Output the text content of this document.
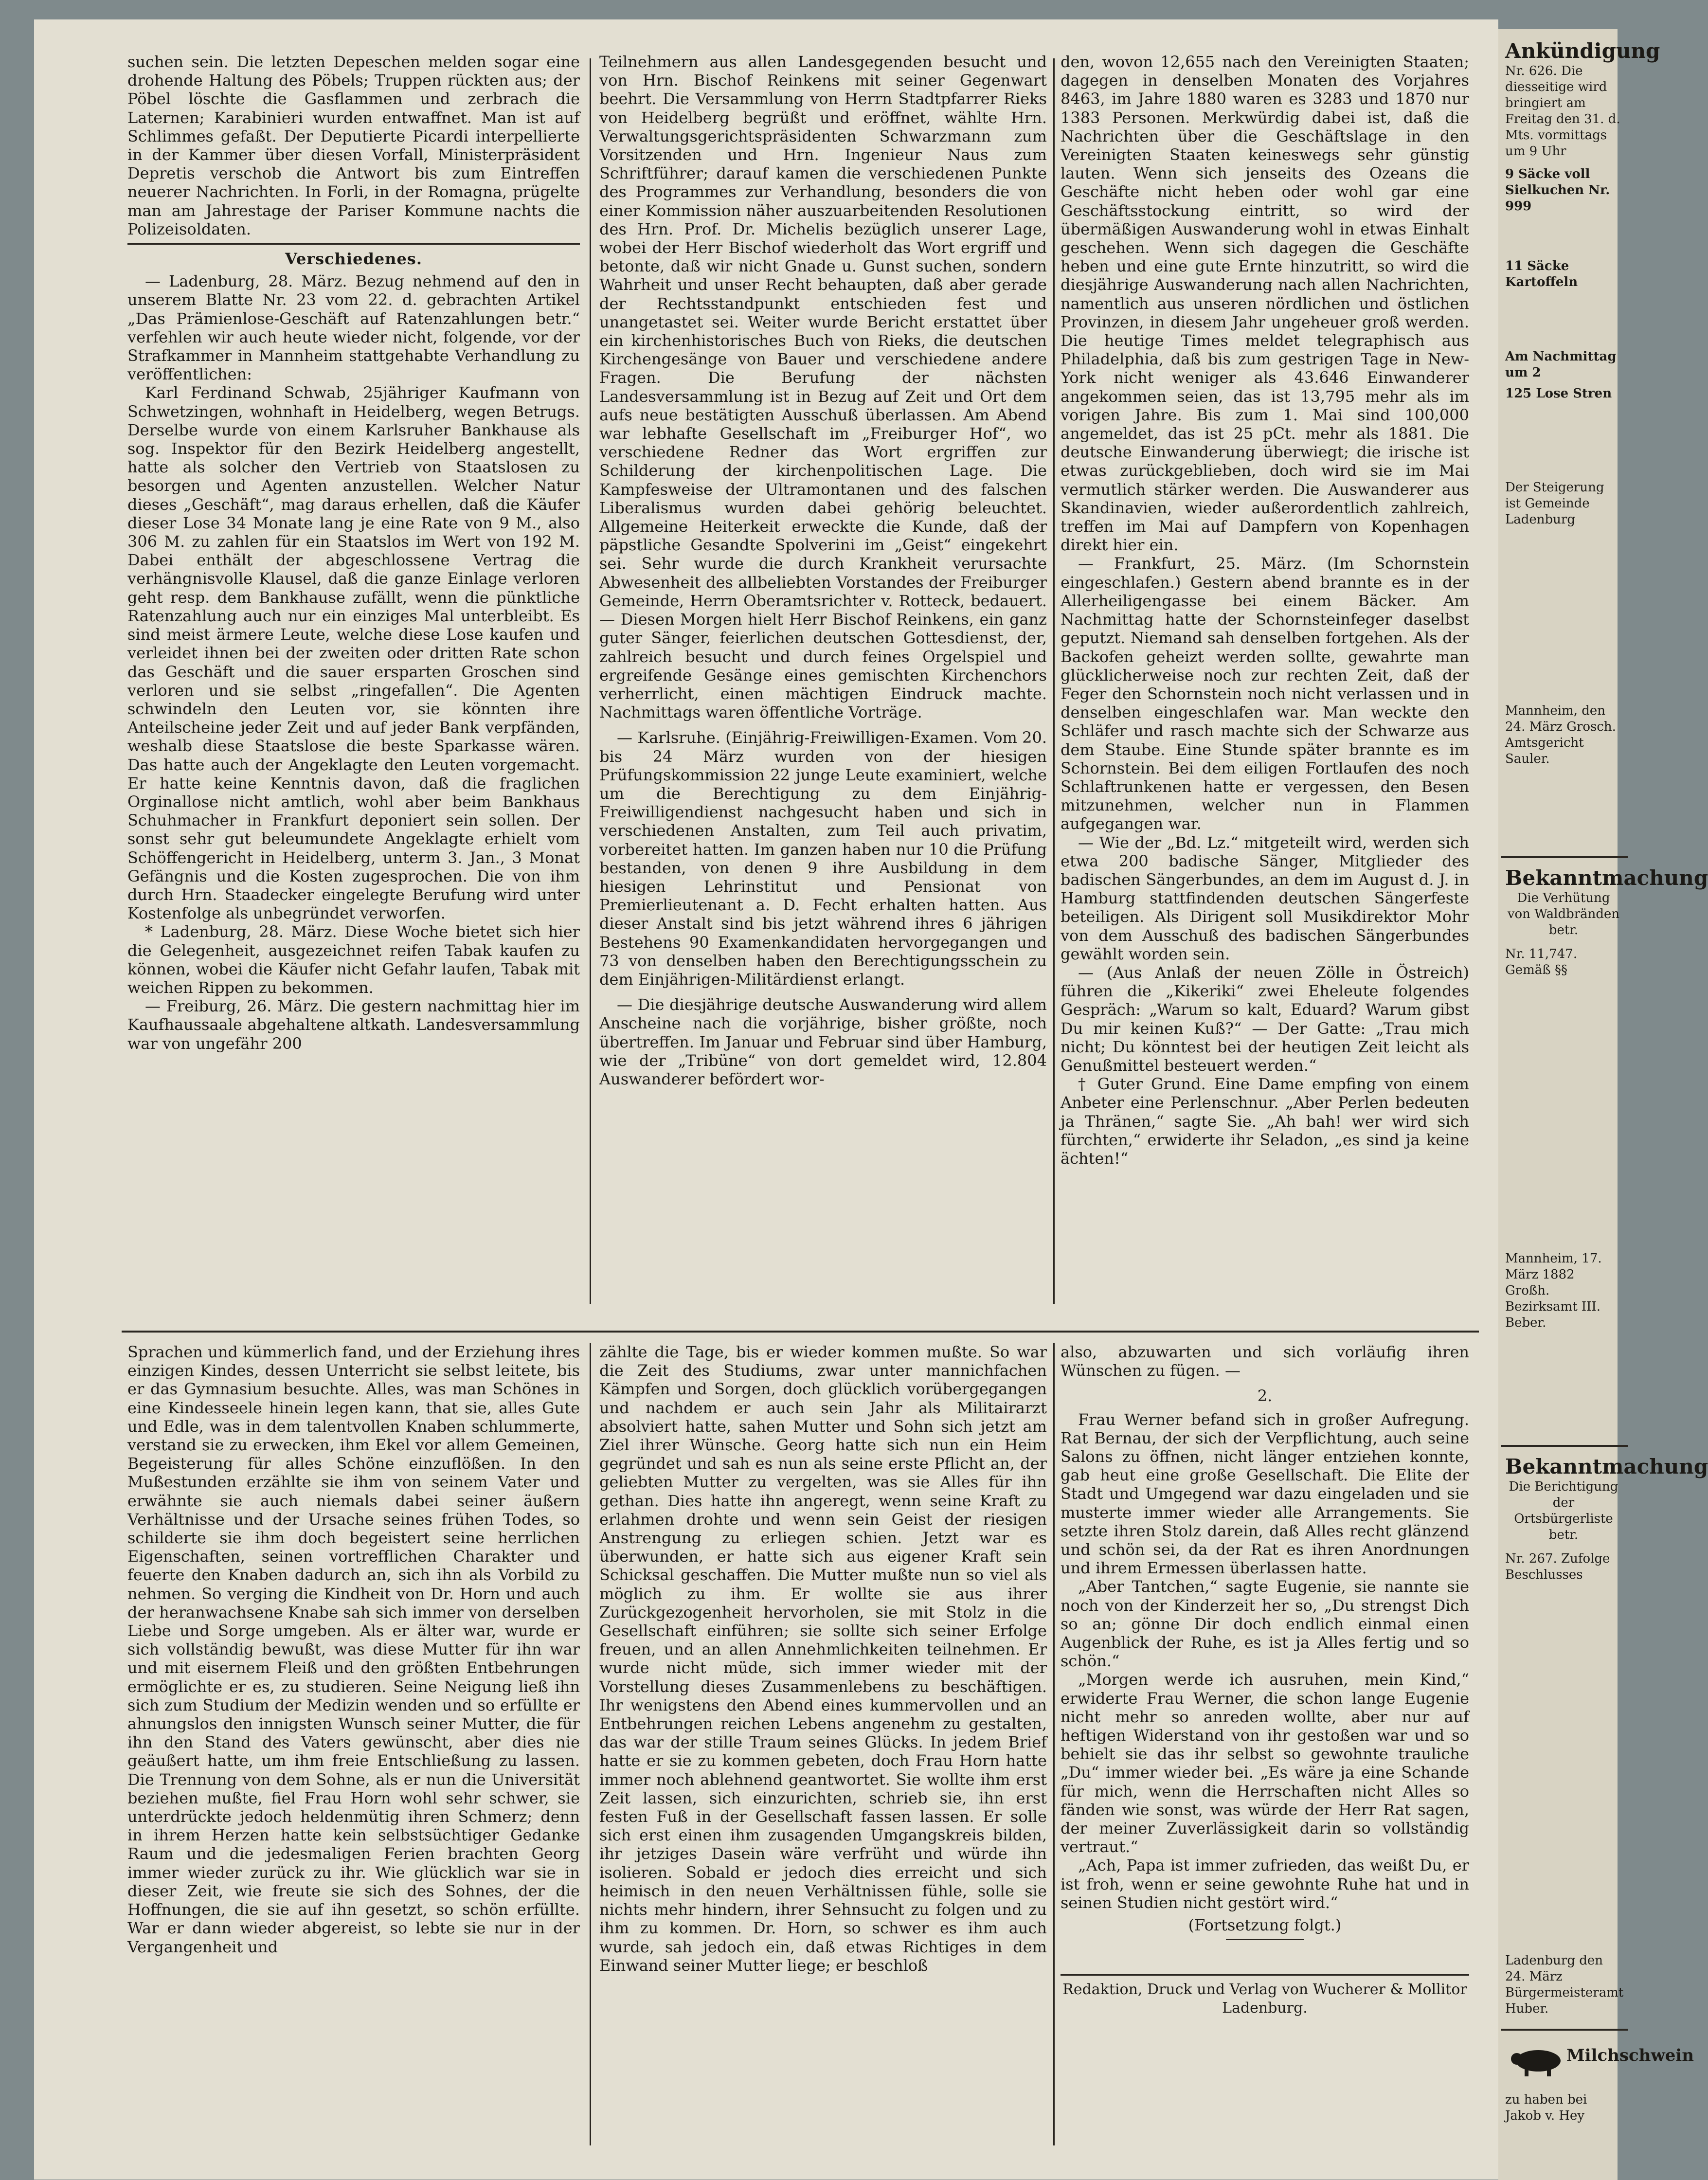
suchen sein. Die letzten Depeschen melden sogar eine drohende Haltung des Pöbels; Truppen rückten aus; der Pöbel löschte die Gasflammen und zerbrach die Laternen; Karabinieri wurden entwaffnet. Man ist auf Schlimmes gefaßt. Der Deputierte Picardi interpellierte in der Kammer über diesen Vorfall, Ministerpräsident Depretis verschob die Antwort bis zum Eintreffen neuerer Nachrichten. In Forli, in der Romagna, prügelte man am Jahrestage der Pariser Kommune nachts die Polizeisoldaten.

Verschiedenes.

— Ladenburg, 28. März. Bezug nehmend auf den in unserem Blatte Nr. 23 vom 22. d. gebrachten Artikel „Das Prämienlose-Geschäft auf Ratenzahlungen betr.“ verfehlen wir auch heute wieder nicht, folgende, vor der Strafkammer in Mannheim stattgehabte Verhandlung zu veröffentlichen:

Karl Ferdinand Schwab, 25jähriger Kaufmann von Schwetzingen, wohnhaft in Heidelberg, wegen Betrugs. Derselbe wurde von einem Karlsruher Bankhause als sog. Inspektor für den Bezirk Heidelberg angestellt, hatte als solcher den Vertrieb von Staatslosen zu besorgen und Agenten anzustellen. Welcher Natur dieses „Geschäft“, mag daraus erhellen, daß die Käufer dieser Lose 34 Monate lang je eine Rate von 9 M., also 306 M. zu zahlen für ein Staatslos im Wert von 192 M. Dabei enthält der abgeschlossene Vertrag die verhängnisvolle Klausel, daß die ganze Einlage verloren geht resp. dem Bankhause zufällt, wenn die pünktliche Ratenzahlung auch nur ein einziges Mal unterbleibt. Es sind meist ärmere Leute, welche diese Lose kaufen und verleidet ihnen bei der zweiten oder dritten Rate schon das Geschäft und die sauer ersparten Groschen sind verloren und sie selbst „ringefallen“. Die Agenten schwindeln den Leuten vor, sie könnten ihre Anteilscheine jeder Zeit und auf jeder Bank verpfänden, weshalb diese Staatslose die beste Sparkasse wären. Das hatte auch der Angeklagte den Leuten vorgemacht. Er hatte keine Kenntnis davon, daß die fraglichen Orginallose nicht amtlich, wohl aber beim Bankhaus Schuhmacher in Frankfurt deponiert sein sollen. Der sonst sehr gut beleumundete Angeklagte erhielt vom Schöffengericht in Heidelberg, unterm 3. Jan., 3 Monat Gefängnis und die Kosten zugesprochen. Die von ihm durch Hrn. Staadecker eingelegte Berufung wird unter Kostenfolge als unbegründet verworfen.

* Ladenburg, 28. März. Diese Woche bietet sich hier die Gelegenheit, ausgezeichnet reifen Tabak kaufen zu können, wobei die Käufer nicht Gefahr laufen, Tabak mit weichen Rippen zu bekommen.

— Freiburg, 26. März. Die gestern nachmittag hier im Kaufhaussaale abgehaltene altkath. Landesversammlung war von ungefähr 200

Teilnehmern aus allen Landesgegenden besucht und von Hrn. Bischof Reinkens mit seiner Gegenwart beehrt. Die Versammlung von Herrn Stadtpfarrer Rieks von Heidelberg begrüßt und eröffnet, wählte Hrn. Verwaltungsgerichtspräsidenten Schwarzmann zum Vorsitzenden und Hrn. Ingenieur Naus zum Schriftführer; darauf kamen die verschiedenen Punkte des Programmes zur Verhandlung, besonders die von einer Kommission näher auszuarbeitenden Resolutionen des Hrn. Prof. Dr. Michelis bezüglich unserer Lage, wobei der Herr Bischof wiederholt das Wort ergriff und betonte, daß wir nicht Gnade u. Gunst suchen, sondern Wahrheit und unser Recht behaupten, daß aber gerade der Rechtsstandpunkt entschieden fest und unangetastet sei. Weiter wurde Bericht erstattet über ein kirchenhistorisches Buch von Rieks, die deutschen Kirchengesänge von Bauer und verschiedene andere Fragen. Die Berufung der nächsten Landesversammlung ist in Bezug auf Zeit und Ort dem aufs neue bestätigten Ausschuß überlassen. Am Abend war lebhafte Gesellschaft im „Freiburger Hof“, wo verschiedene Redner das Wort ergriffen zur Schilderung der kirchenpolitischen Lage. Die Kampfesweise der Ultramontanen und des falschen Liberalismus wurden dabei gehörig beleuchtet. Allgemeine Heiterkeit erweckte die Kunde, daß der päpstliche Gesandte Spolverini im „Geist“ eingekehrt sei. Sehr wurde die durch Krankheit verursachte Abwesenheit des allbeliebten Vorstandes der Freiburger Gemeinde, Herrn Oberamtsrichter v. Rotteck, bedauert. — Diesen Morgen hielt Herr Bischof Reinkens, ein ganz guter Sänger, feierlichen deutschen Gottesdienst, der, zahlreich besucht und durch feines Orgelspiel und ergreifende Gesänge eines gemischten Kirchenchors verherrlicht, einen mächtigen Eindruck machte. Nachmittags waren öffentliche Vorträge.

— Karlsruhe. (Einjährig-Freiwilligen-Examen. Vom 20. bis 24 März wurden von der hiesigen Prüfungskommission 22 junge Leute examiniert, welche um die Berechtigung zu dem Einjährig-Freiwilligendienst nachgesucht haben und sich in verschiedenen Anstalten, zum Teil auch privatim, vorbereitet hatten. Im ganzen haben nur 10 die Prüfung bestanden, von denen 9 ihre Ausbildung in dem hiesigen Lehrinstitut und Pensionat von Premierlieutenant a. D. Fecht erhalten hatten. Aus dieser Anstalt sind bis jetzt während ihres 6 jährigen Bestehens 90 Examenkandidaten hervorgegangen und 73 von denselben haben den Berechtigungsschein zu dem Einjährigen-Militärdienst erlangt.

— Die diesjährige deutsche Auswanderung wird allem Anscheine nach die vorjährige, bisher größte, noch übertreffen. Im Januar und Februar sind über Hamburg, wie der „Tribüne“ von dort gemeldet wird, 12.804 Auswanderer befördert wor-

den, wovon 12,655 nach den Vereinigten Staaten; dagegen in denselben Monaten des Vorjahres 8463, im Jahre 1880 waren es 3283 und 1870 nur 1383 Personen. Merkwürdig dabei ist, daß die Nachrichten über die Geschäftslage in den Vereinigten Staaten keineswegs sehr günstig lauten. Wenn sich jenseits des Ozeans die Geschäfte nicht heben oder wohl gar eine Geschäftsstockung eintritt, so wird der übermäßigen Auswanderung wohl in etwas Einhalt geschehen. Wenn sich dagegen die Geschäfte heben und eine gute Ernte hinzutritt, so wird die diesjährige Auswanderung nach allen Nachrichten, namentlich aus unseren nördlichen und östlichen Provinzen, in diesem Jahr ungeheuer groß werden. Die heutige Times meldet telegraphisch aus Philadelphia, daß bis zum gestrigen Tage in New-York nicht weniger als 43.646 Einwanderer angekommen seien, das ist 13,795 mehr als im vorigen Jahre. Bis zum 1. Mai sind 100,000 angemeldet, das ist 25 pCt. mehr als 1881. Die deutsche Einwanderung überwiegt; die irische ist etwas zurückgeblieben, doch wird sie im Mai vermutlich stärker werden. Die Auswanderer aus Skandinavien, wieder außerordentlich zahlreich, treffen im Mai auf Dampfern von Kopenhagen direkt hier ein.

— Frankfurt, 25. März. (Im Schornstein eingeschlafen.) Gestern abend brannte es in der Allerheiligengasse bei einem Bäcker. Am Nachmittag hatte der Schornsteinfeger daselbst geputzt. Niemand sah denselben fortgehen. Als der Backofen geheizt werden sollte, gewahrte man glücklicherweise noch zur rechten Zeit, daß der Feger den Schornstein noch nicht verlassen und in denselben eingeschlafen war. Man weckte den Schläfer und rasch machte sich der Schwarze aus dem Staube. Eine Stunde später brannte es im Schornstein. Bei dem eiligen Fortlaufen des noch Schlaftrunkenen hatte er vergessen, den Besen mitzunehmen, welcher nun in Flammen aufgegangen war.

— Wie der „Bd. Lz.“ mitgeteilt wird, werden sich etwa 200 badische Sänger, Mitglieder des badischen Sängerbundes, an dem im August d. J. in Hamburg stattfindenden deutschen Sängerfeste beteiligen. Als Dirigent soll Musikdirektor Mohr von dem Ausschuß des badischen Sängerbundes gewählt worden sein.

— (Aus Anlaß der neuen Zölle in Östreich) führen die „Kikeriki“ zwei Eheleute folgendes Gespräch: „Warum so kalt, Eduard? Warum gibst Du mir keinen Kuß?“ — Der Gatte: „Trau mich nicht; Du könntest bei der heutigen Zeit leicht als Genußmittel besteuert werden.“

† Guter Grund. Eine Dame empfing von einem Anbeter eine Perlenschnur. „Aber Perlen bedeuten ja Thränen,“ sagte Sie. „Ah bah! wer wird sich fürchten,“ erwiderte ihr Seladon, „es sind ja keine ächten!“

Sprachen und kümmerlich fand, und der Erziehung ihres einzigen Kindes, dessen Unterricht sie selbst leitete, bis er das Gymnasium besuchte. Alles, was man Schönes in eine Kindesseele hinein legen kann, that sie, alles Gute und Edle, was in dem talentvollen Knaben schlummerte, verstand sie zu erwecken, ihm Ekel vor allem Gemeinen, Begeisterung für alles Schöne einzuflößen. In den Mußestunden erzählte sie ihm von seinem Vater und erwähnte sie auch niemals dabei seiner äußern Verhältnisse und der Ursache seines frühen Todes, so schilderte sie ihm doch begeistert seine herrlichen Eigenschaften, seinen vortrefflichen Charakter und feuerte den Knaben dadurch an, sich ihn als Vorbild zu nehmen. So verging die Kindheit von Dr. Horn und auch der heranwachsene Knabe sah sich immer von derselben Liebe und Sorge umgeben. Als er älter war, wurde er sich vollständig bewußt, was diese Mutter für ihn war und mit eisernem Fleiß und den größten Entbehrungen ermöglichte er es, zu studieren. Seine Neigung ließ ihn sich zum Studium der Medizin wenden und so erfüllte er ahnungslos den innigsten Wunsch seiner Mutter, die für ihn den Stand des Vaters gewünscht, aber dies nie geäußert hatte, um ihm freie Entschließung zu lassen. Die Trennung von dem Sohne, als er nun die Universität beziehen mußte, fiel Frau Horn wohl sehr schwer, sie unterdrückte jedoch heldenmütig ihren Schmerz; denn in ihrem Herzen hatte kein selbstsüchtiger Gedanke Raum und die jedesmaligen Ferien brachten Georg immer wieder zurück zu ihr. Wie glücklich war sie in dieser Zeit, wie freute sie sich des Sohnes, der die Hoffnungen, die sie auf ihn gesetzt, so schön erfüllte. War er dann wieder abgereist, so lebte sie nur in der Vergangenheit und

zählte die Tage, bis er wieder kommen mußte. So war die Zeit des Studiums, zwar unter mannichfachen Kämpfen und Sorgen, doch glücklich vorübergegangen und nachdem er auch sein Jahr als Militairarzt absolviert hatte, sahen Mutter und Sohn sich jetzt am Ziel ihrer Wünsche. Georg hatte sich nun ein Heim gegründet und sah es nun als seine erste Pflicht an, der geliebten Mutter zu vergelten, was sie Alles für ihn gethan. Dies hatte ihn angeregt, wenn seine Kraft zu erlahmen drohte und wenn sein Geist der riesigen Anstrengung zu erliegen schien. Jetzt war es überwunden, er hatte sich aus eigener Kraft sein Schicksal geschaffen. Die Mutter mußte nun so viel als möglich zu ihm. Er wollte sie aus ihrer Zurückgezogenheit hervorholen, sie mit Stolz in die Gesellschaft einführen; sie sollte sich seiner Erfolge freuen, und an allen Annehmlichkeiten teilnehmen. Er wurde nicht müde, sich immer wieder mit der Vorstellung dieses Zusammenlebens zu beschäftigen. Ihr wenigstens den Abend eines kummervollen und an Entbehrungen reichen Lebens angenehm zu gestalten, das war der stille Traum seines Glücks. In jedem Brief hatte er sie zu kommen gebeten, doch Frau Horn hatte immer noch ablehnend geantwortet. Sie wollte ihm erst Zeit lassen, sich einzurichten, schrieb sie, ihn erst festen Fuß in der Gesellschaft fassen lassen. Er solle sich erst einen ihm zusagenden Umgangskreis bilden, ihr jetziges Dasein wäre verfrüht und würde ihn isolieren. Sobald er jedoch dies erreicht und sich heimisch in den neuen Verhältnissen fühle, solle sie nichts mehr hindern, ihrer Sehnsucht zu folgen und zu ihm zu kommen. Dr. Horn, so schwer es ihm auch wurde, sah jedoch ein, daß etwas Richtiges in dem Einwand seiner Mutter liege; er beschloß

also, abzuwarten und sich vorläufig ihren Wünschen zu fügen. —

2.

Frau Werner befand sich in großer Aufregung. Rat Bernau, der sich der Verpflichtung, auch seine Salons zu öffnen, nicht länger entziehen konnte, gab heut eine große Gesellschaft. Die Elite der Stadt und Umgegend war dazu eingeladen und sie musterte immer wieder alle Arrangements. Sie setzte ihren Stolz darein, daß Alles recht glänzend und schön sei, da der Rat es ihren Anordnungen und ihrem Ermessen überlassen hatte.

„Aber Tantchen,“ sagte Eugenie, sie nannte sie noch von der Kinderzeit her so, „Du strengst Dich so an; gönne Dir doch endlich einmal einen Augenblick der Ruhe, es ist ja Alles fertig und so schön.“

„Morgen werde ich ausruhen, mein Kind,“ erwiderte Frau Werner, die schon lange Eugenie nicht mehr so anreden wollte, aber nur auf heftigen Widerstand von ihr gestoßen war und so behielt sie das ihr selbst so gewohnte trauliche „Du“ immer wieder bei. „Es wäre ja eine Schande für mich, wenn die Herrschaften nicht Alles so fänden wie sonst, was würde der Herr Rat sagen, der meiner Zuverlässigkeit darin so vollständig vertraut.“

„Ach, Papa ist immer zufrieden, das weißt Du, er ist froh, wenn er seine gewohnte Ruhe hat und in seinen Studien nicht gestört wird.“

(Fortsetzung folgt.)
Redaktion, Druck und Verlag von Wucherer & Mollitor
Ladenburg.
Ankündigung
Nr. 626. Die diesseitige wird bringiert am Freitag den 31. d. Mts. vormittags um 9 Uhr
9 Säcke voll Sielkuchen Nr. 999
11 Säcke Kartoffeln
Am Nachmittag um 2
125 Lose Stren
Der Steigerung ist Gemeinde Ladenburg
Mannheim, den 24. März Grosch. Amtsgericht Sauler.
Bekanntmachung
Die Verhütung von Waldbränden betr.
Nr. 11,747. Gemäß §§
Mannheim, 17. März 1882 Großh. Bezirksamt III. Beber.
Bekanntmachung
Die Berichtigung der Ortsbürgerliste betr.
Nr. 267. Zufolge Beschlusses
Ladenburg den 24. März Bürgermeisteramt Huber.
Milchschwein
zu haben bei Jakob v. Hey
